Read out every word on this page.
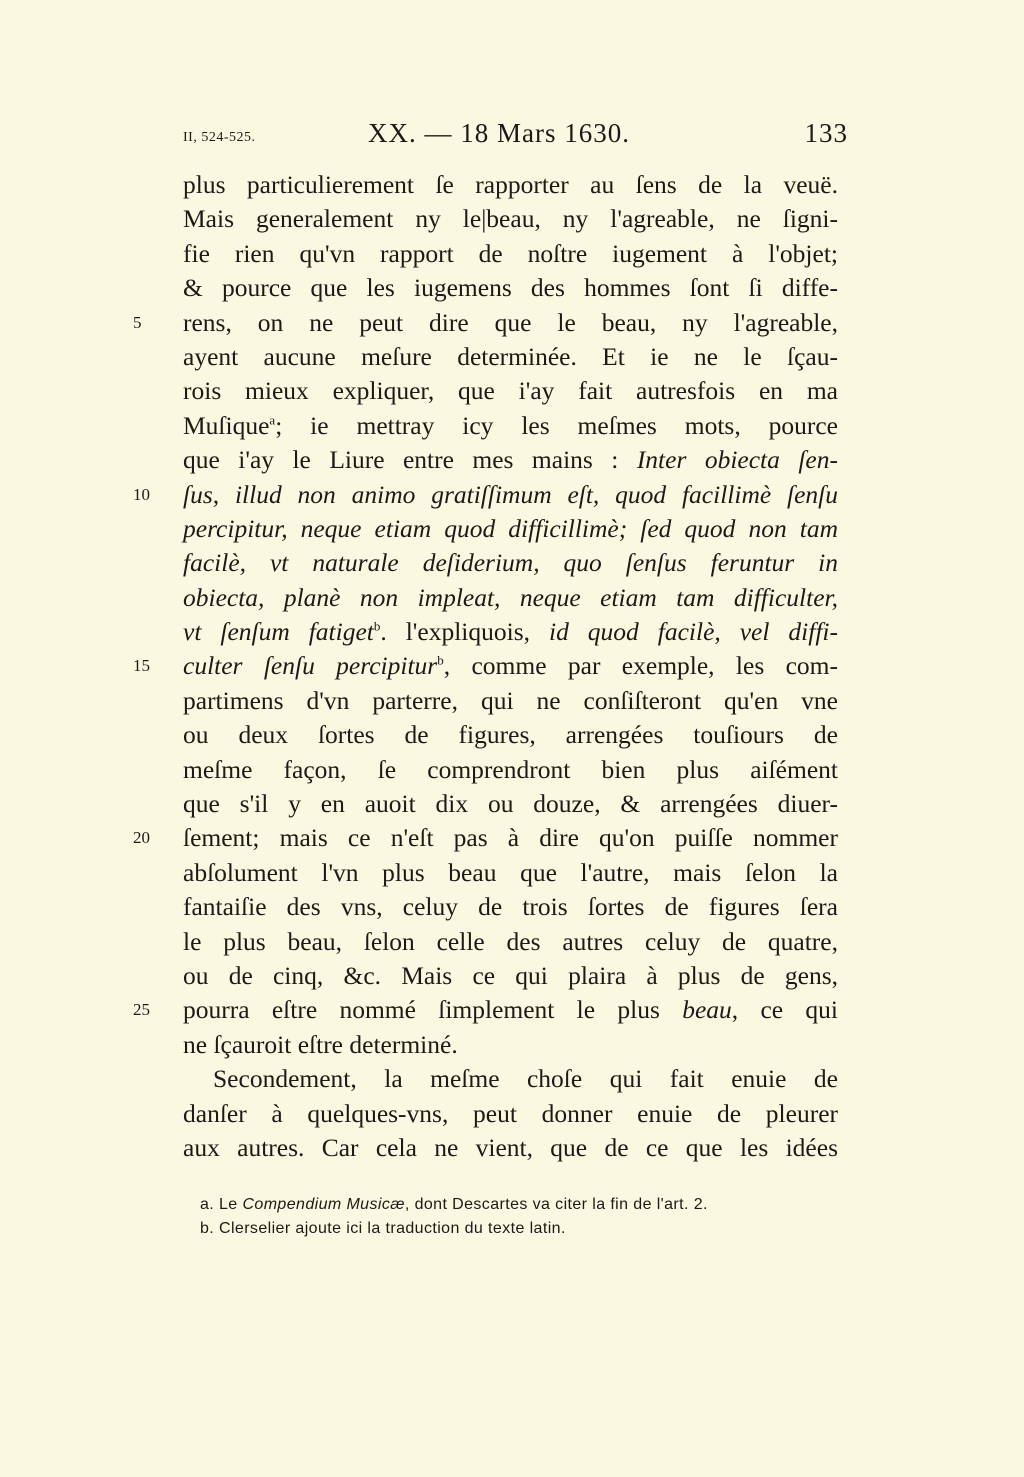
II, 524-525.	XX. — 18 Mars 1630.	133
plus particulierement ſe rapporter au ſens de la veuë.
Mais generalement ny le|beau, ny l'agreable, ne ſigni-
fie rien qu'vn rapport de noſtre iugement à l'objet;
& pource que les iugemens des hommes ſont ſi diffe-
5	rens, on ne peut dire que le beau, ny l'agreable,
ayent aucune meſure determinée. Et ie ne le ſçau-
rois mieux expliquer, que i'ay fait autresfois en ma
Muſique$^a$; ie mettray icy les meſmes mots, pource
que i'ay le Liure entre mes mains : Inter obiecta ſen-
10	ſus, illud non animo gratiſſimum eſt, quod facillimè ſenſu
percipitur, neque etiam quod difficillimè; ſed quod non tam
facilè, vt naturale deſiderium, quo ſenſus feruntur in
obiecta, planè non impleat, neque etiam tam difficulter,
vt ſenſum fatiget$^b$. l'expliquois, id quod facilè, vel diffi-
15	culter ſenſu percipitur$^b$, comme par exemple, les com-
partimens d'vn parterre, qui ne conſiſteront qu'en vne
ou deux ſortes de figures, arrengées touſiours de
meſme façon, ſe comprendront bien plus aiſément
que s'il y en auoit dix ou douze, & arrengées diuer-
20	ſement; mais ce n'eſt pas à dire qu'on puiſſe nommer
abſolument l'vn plus beau que l'autre, mais ſelon la
fantaiſie des vns, celuy de trois ſortes de figures ſera
le plus beau, ſelon celle des autres celuy de quatre,
ou de cinq, &c. Mais ce qui plaira à plus de gens,
25	pourra eſtre nommé ſimplement le plus beau, ce qui
ne ſçauroit eſtre determiné.
Secondement, la meſme choſe qui fait enuie de
danſer à quelques-vns, peut donner enuie de pleurer
aux autres. Car cela ne vient, que de ce que les idées
a. Le Compendium Musicæ, dont Descartes va citer la fin de l'art. 2.
b. Clerselier ajoute ici la traduction du texte latin.
